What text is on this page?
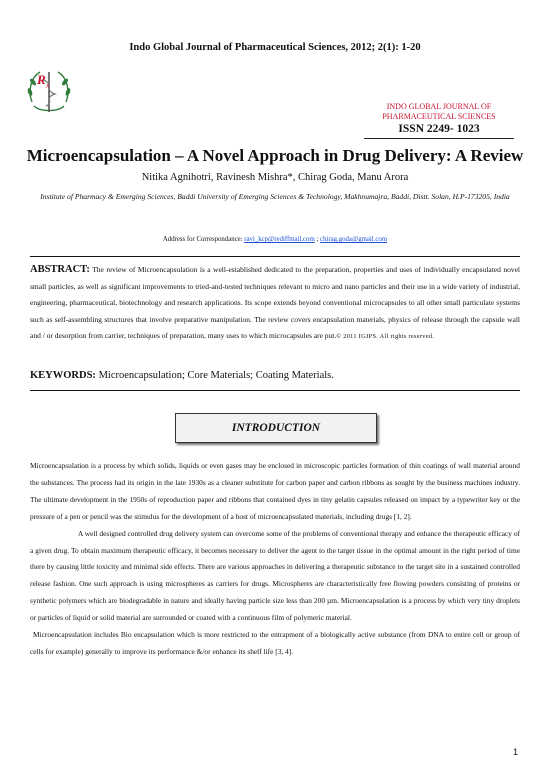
Indo Global Journal of Pharmaceutical Sciences, 2012; 2(1): 1-20
R x
INDO GLOBAL JOURNAL OF
PHARMACEUTICAL SCIENCES
ISSN 2249- 1023
Microencapsulation – A Novel Approach in Drug Delivery: A Review
Nitika Agnihotri, Ravinesh Mishra*, Chirag Goda, Manu Arora
Institute of Pharmacy & Emerging Sciences, Baddi University of Emerging Sciences & Technology, Makhnumajra, Baddi, Distt. Solan, H.P-173205, India
Address for Correspondance: ravi_kcp@rediffmail.com ; chirag.goda@gmail.com
ABSTRACT: The review of Microencapsulation is a well-established dedicated to the preparation, properties and uses of individually encapsulated novel small particles, as well as significant improvements to tried-and-tested techniques relevant to micro and nano particles and their use in a wide variety of industrial, engineering, pharmaceutical, biotechnology and research applications. Its scope extends beyond conventional microcapsules to all other small particulate systems such as self-assembling structures that involve preparative manipulation. The review covers encapsulation materials, physics of release through the capsule wall and / or desorption from carrier, techniques of preparation, many uses to which microcapsules are put.© 2011 IGJPS. All rights reserved.
KEYWORDS: Microencapsulation; Core Materials; Coating Materials.
INTRODUCTION

Microencapsulation is a process by which solids, liquids or even gases may be enclosed in microscopic particles formation of thin coatings of wall material around the substances. The process had its origin in the late 1930s as a cleaner substitute for carbon paper and carbon ribbons as sought by the business machines industry. The ultimate development in the 1950s of reproduction paper and ribbons that contained dyes in tiny gelatin capsules released on impact by a typewriter key or the pressure of a pen or pencil was the stimulus for the development of a host of microencapsulated materials, including drugs [1, 2].

A well designed controlled drug delivery system can overcome some of the problems of conventional therapy and enhance the therapeutic efficacy of a given drug. To obtain maximum therapeutic efficacy, it becomes necessary to deliver the agent to the target tissue in the optimal amount in the right period of time there by causing little toxicity and minimal side effects. There are various approaches in delivering a therapeutic substance to the target site in a sustained controlled release fashion. One such approach is using microspheres as carriers for drugs. Microspheres are characteristically free flowing powders consisting of proteins or synthetic polymers which are biodegradable in nature and ideally having particle size less than 200 µm. Microencapsulation is a process by which very tiny droplets or particles of liquid or solid material are surrounded or coated with a continuous film of polymeric material.

Microencapsulation includes Bio encapsulation which is more restricted to the entrapment of a biologically active substance (from DNA to entire cell or group of cells for example) generally to improve its performance &/or enhance its shelf life [3, 4].

1
